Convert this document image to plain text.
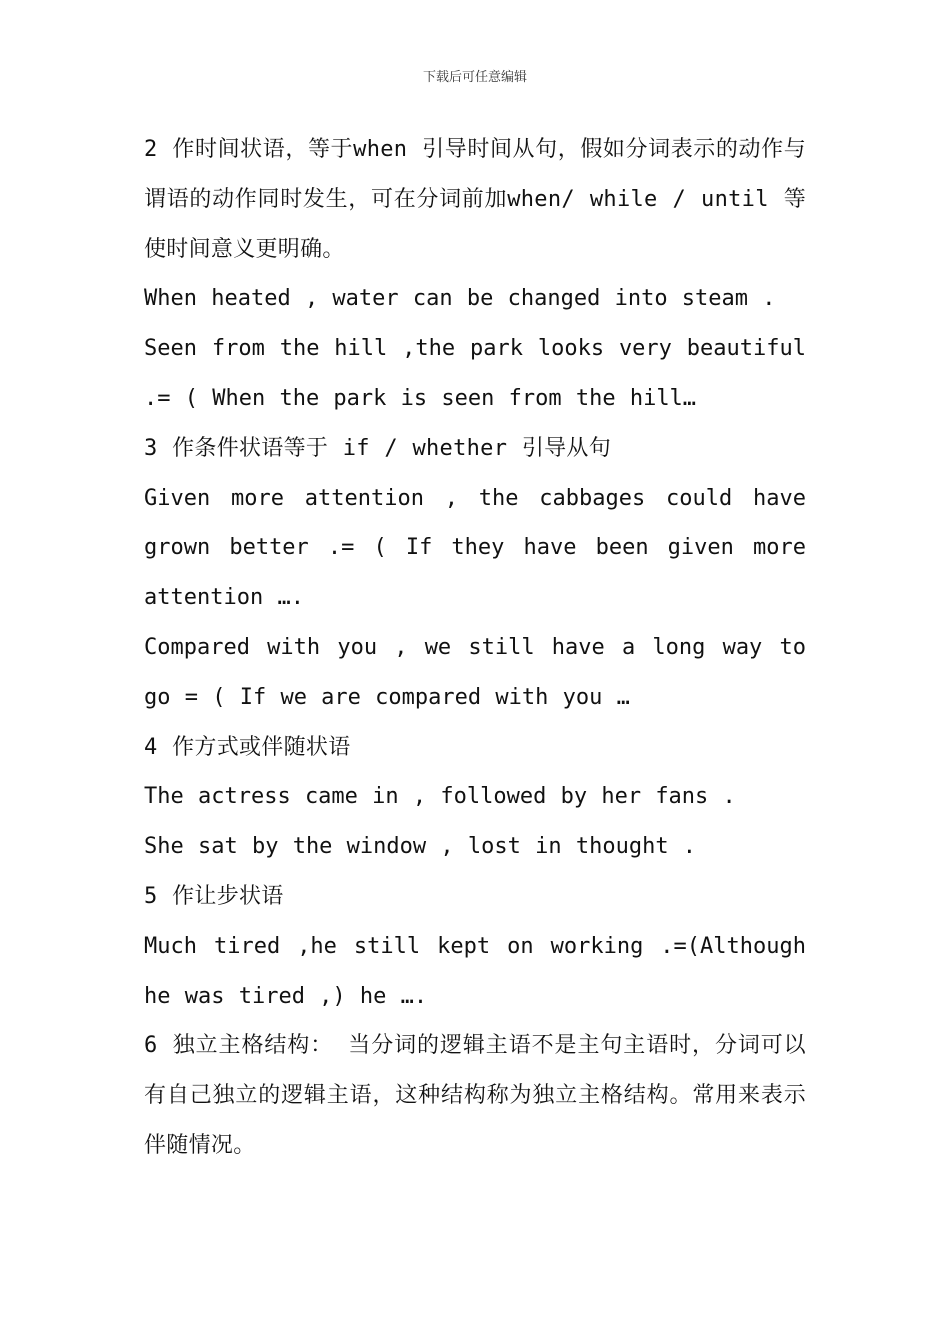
下载后可任意编辑

2 作时间状语，等于when 引导时间从句，假如分词表示的动作与谓语的动作同时发生，可在分词前加when/ while / until 等使时间意义更明确。

When heated , water can be changed into steam .

Seen from the hill ,the park looks very beautiful .= ( When the park is seen from the hill…

3 作条件状语等于 if / whether 引导从句

Given more attention , the cabbages could have grown better .= ( If they have been given more attention ….

Compared with you , we still have a long way to go = ( If we are compared with you …

4 作方式或伴随状语

The actress came in , followed by her fans .

She sat by the window , lost in thought .

5 作让步状语

Much tired ,he still kept on working .=(Although he was tired ,) he ….

6 独立主格结构： 当分词的逻辑主语不是主句主语时，分词可以有自己独立的逻辑主语，这种结构称为独立主格结构。常用来表示伴随情况。
